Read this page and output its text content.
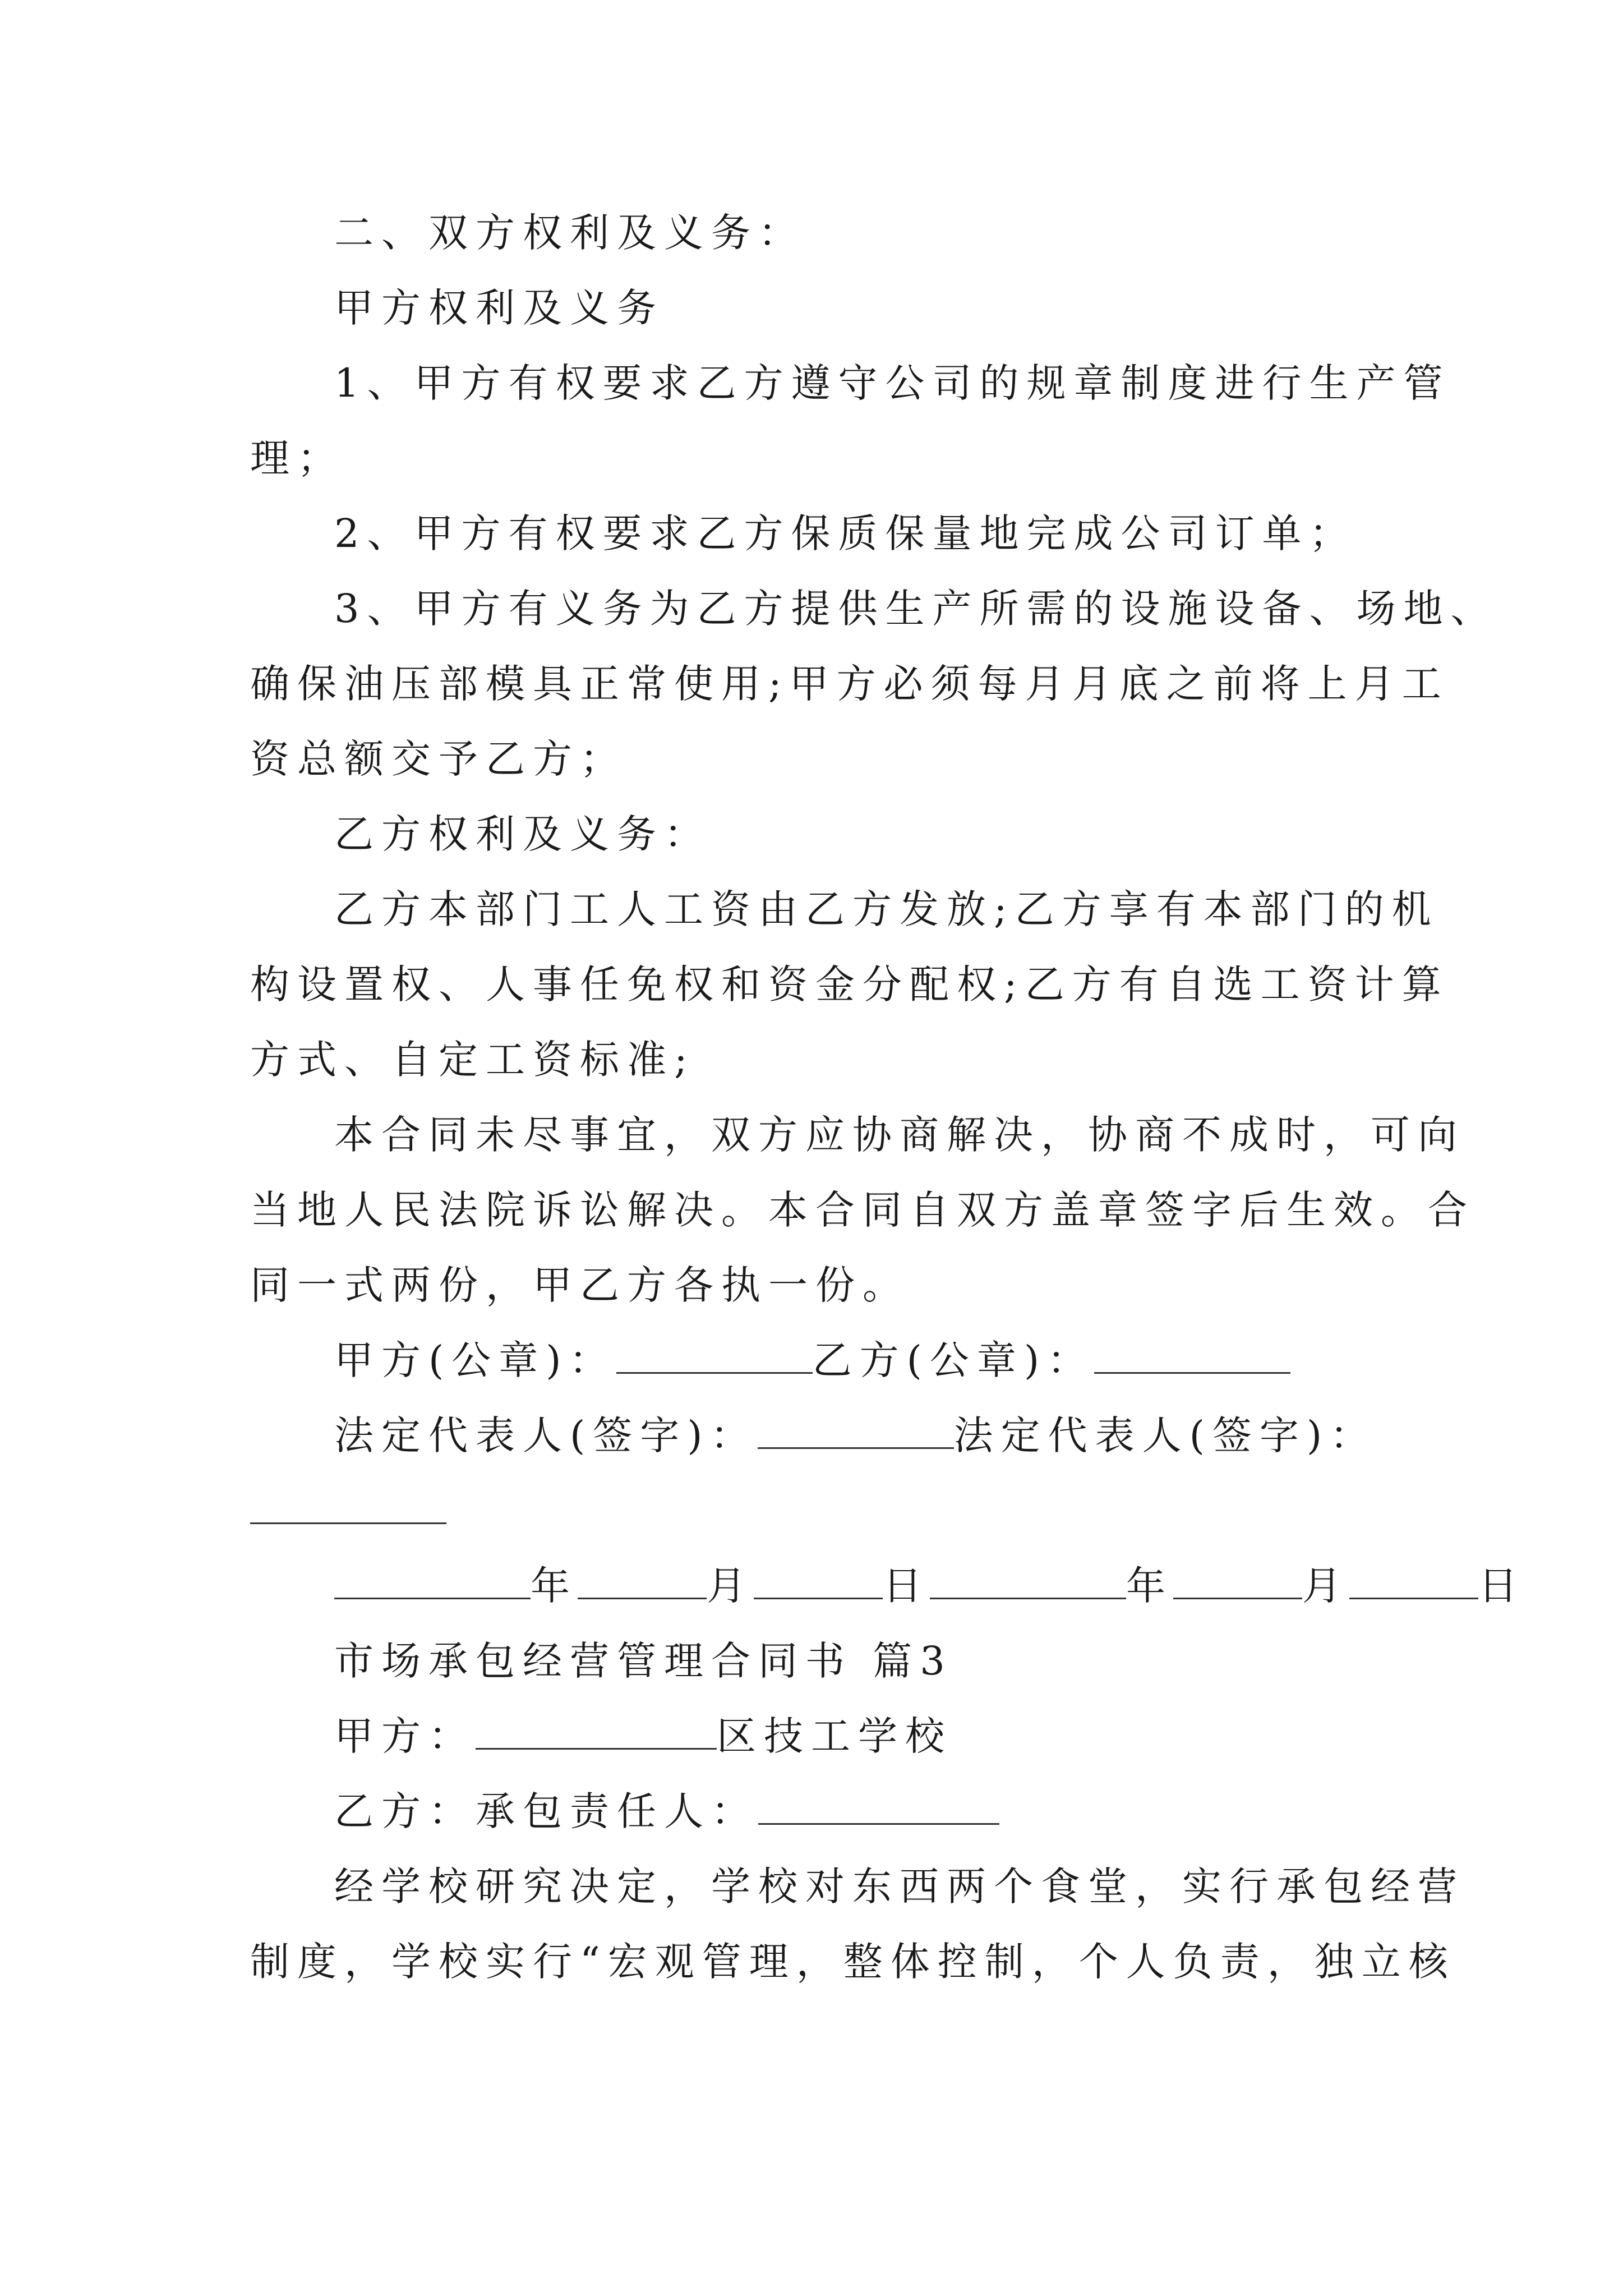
二、双方权利及义务：
甲方权利及义务
1、甲方有权要求乙方遵守公司的规章制度进行生产管
理；
2、甲方有权要求乙方保质保量地完成公司订单；
3、甲方有义务为乙方提供生产所需的设施设备、场地、
确保油压部模具正常使用;甲方必须每月月底之前将上月工
资总额交予乙方；
乙方权利及义务：
乙方本部门工人工资由乙方发放;乙方享有本部门的机
构设置权、人事任免权和资金分配权;乙方有自选工资计算
方式、自定工资标准;
本合同未尽事宜，双方应协商解决，协商不成时，可向
当地人民法院诉讼解决。本合同自双方盖章签字后生效。合
同一式两份，甲乙方各执一份。
甲方(公章)：	乙方(公章)：
法定代表人(签字)：	法定代表人(签字)：
年	月	日	年	月	日
市场承包经营管理合同书 篇3
甲方：	区技工学校
乙方：承包责任人：
经学校研究决定，学校对东西两个食堂，实行承包经营
制度，学校实行“宏观管理，整体控制，个人负责，独立核
